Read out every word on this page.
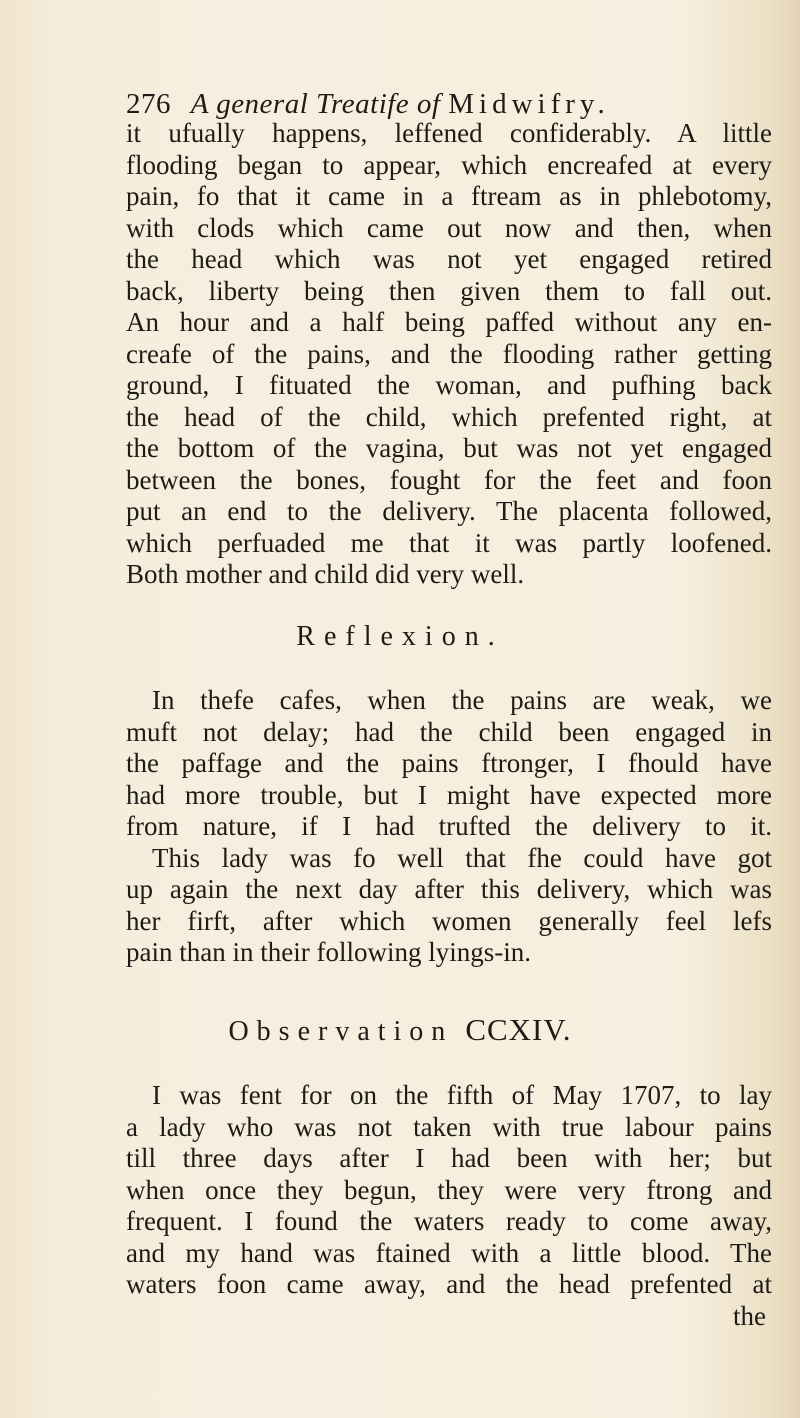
276 A general Treatife of Midwifry.
it ufually happens, leffened confiderably. A little
flooding began to appear, which encreafed at every
pain, fo that it came in a ftream as in phlebotomy,
with clods which came out now and then, when
the head which was not yet engaged retired
back, liberty being then given them to fall out.
An hour and a half being paffed without any en-
creafe of the pains, and the flooding rather getting
ground, I fituated the woman, and pufhing back
the head of the child, which prefented right, at
the bottom of the vagina, but was not yet engaged
between the bones, fought for the feet and foon
put an end to the delivery. The placenta followed,
which perfuaded me that it was partly loofened.
Both mother and child did very well.
Reflexion.
In thefe cafes, when the pains are weak, we
muft not delay; had the child been engaged in
the paffage and the pains ftronger, I fhould have
had more trouble, but I might have expected more
from nature, if I had trufted the delivery to it.
This lady was fo well that fhe could have got
up again the next day after this delivery, which was
her firft, after which women generally feel lefs
pain than in their following lyings-in.
Observation CCXIV.
I was fent for on the fifth of May 1707, to lay
a lady who was not taken with true labour pains
till three days after I had been with her; but
when once they begun, they were very ftrong and
frequent. I found the waters ready to come away,
and my hand was ftained with a little blood. The
waters foon came away, and the head prefented at
the
